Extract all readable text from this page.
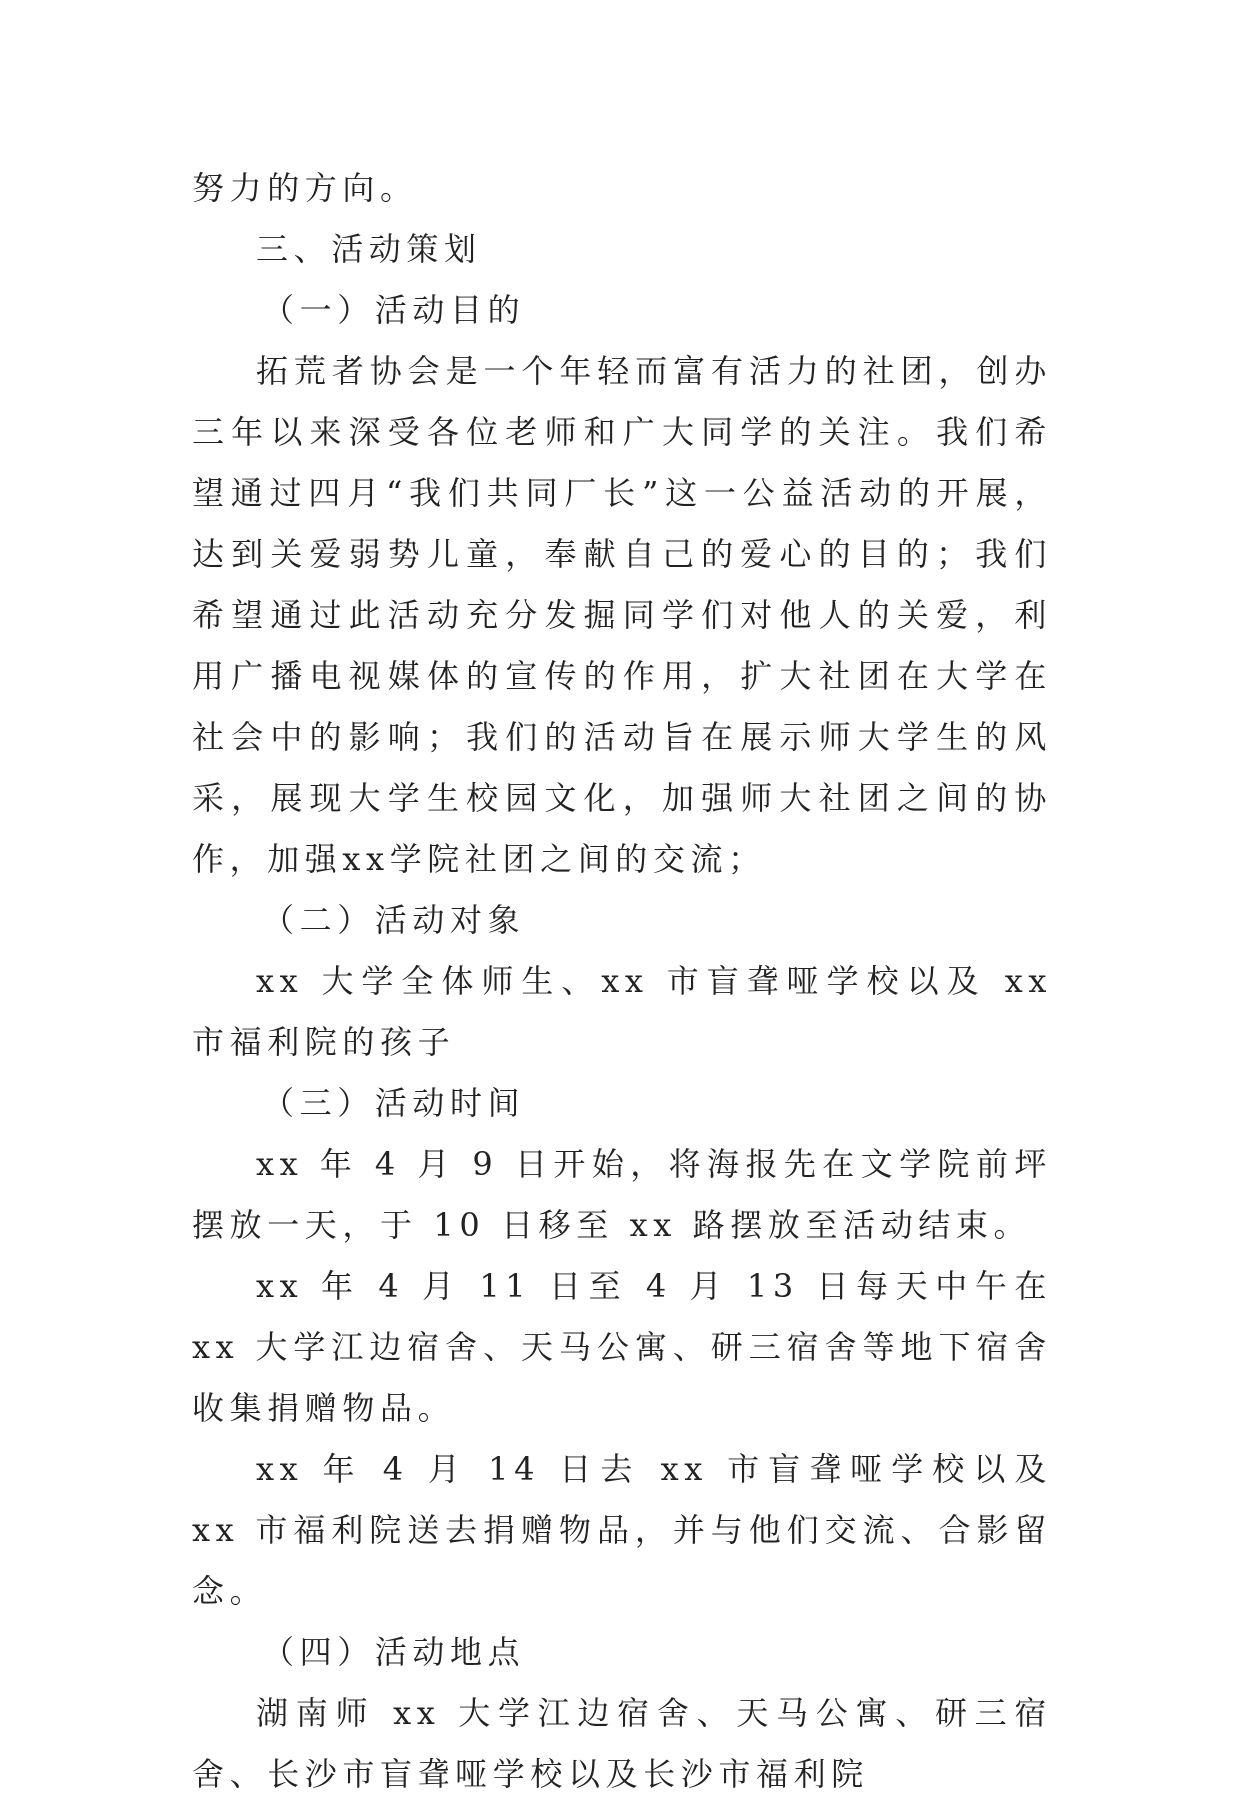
努力的方向。

三、活动策划

（一）活动目的

拓荒者协会是一个年轻而富有活力的社团，创办三年以来深受各位老师和广大同学的关注。我们希望通过四月“我们共同厂长”这一公益活动的开展，达到关爱弱势儿童，奉献自己的爱心的目的；我们希望通过此活动充分发掘同学们对他人的关爱，利用广播电视媒体的宣传的作用，扩大社团在大学在社会中的影响；我们的活动旨在展示师大学生的风采，展现大学生校园文化，加强师大社团之间的协作，加强xx学院社团之间的交流；

（二）活动对象

xx 大学全体师生、xx 市盲聋哑学校以及 xx 市福利院的孩子

（三）活动时间

xx 年 4 月 9 日开始，将海报先在文学院前坪摆放一天，于 10 日移至 xx 路摆放至活动结束。

xx 年 4 月 11 日至 4 月 13 日每天中午在 xx 大学江边宿舍、天马公寓、研三宿舍等地下宿舍收集捐赠物品。

xx 年 4 月 14 日去 xx 市盲聋哑学校以及 xx 市福利院送去捐赠物品，并与他们交流、合影留念。

（四）活动地点

湖南师 xx 大学江边宿舍、天马公寓、研三宿舍、长沙市盲聋哑学校以及长沙市福利院
